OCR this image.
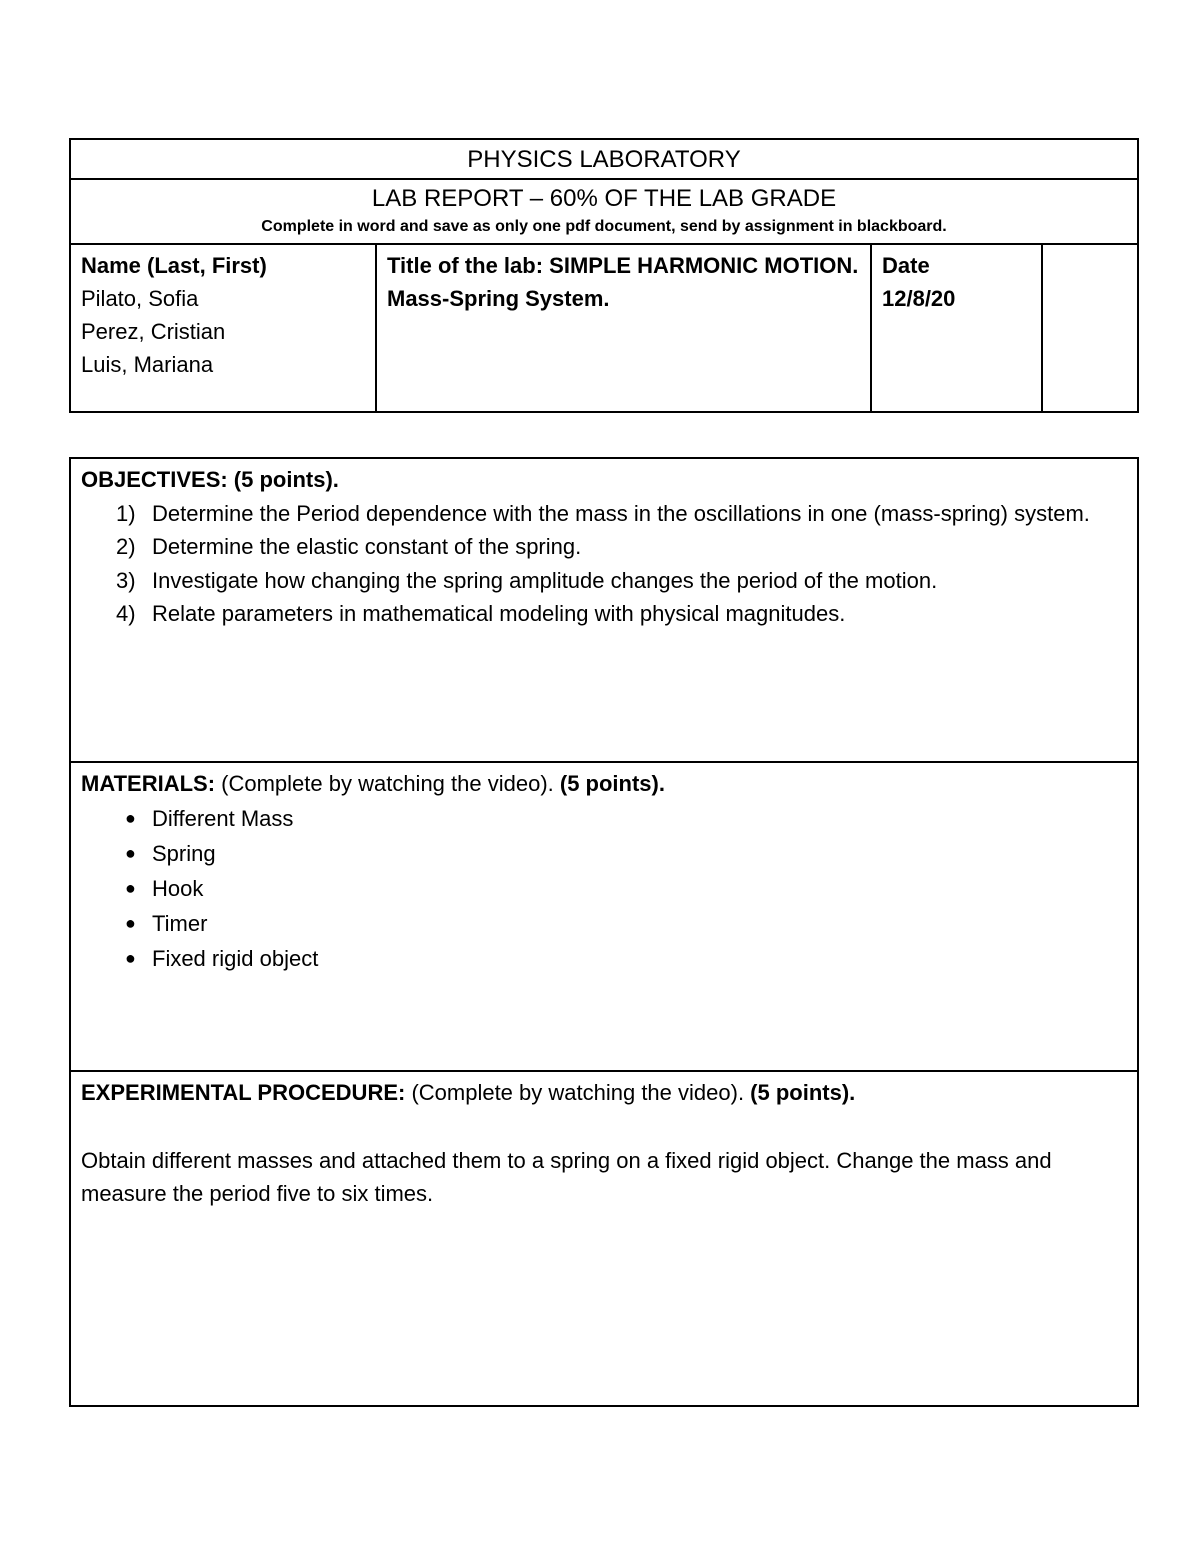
PHYSICS LABORATORY
LAB REPORT – 60% OF THE LAB GRADE
Complete in word and save as only one pdf document, send by assignment in blackboard.
Name (Last, First)
Pilato, Sofia
Perez, Cristian
Luis, Mariana
Title of the lab: SIMPLE HARMONIC MOTION. Mass-Spring System.
Date
12/8/20
OBJECTIVES: (5 points).
1) Determine the Period dependence with the mass in the oscillations in one (mass-spring) system.
2) Determine the elastic constant of the spring.
3) Investigate how changing the spring amplitude changes the period of the motion.
4) Relate parameters in mathematical modeling with physical magnitudes.
MATERIALS: (Complete by watching the video). (5 points).
● Different Mass
● Spring
● Hook
● Timer
● Fixed rigid object
EXPERIMENTAL PROCEDURE: (Complete by watching the video). (5 points).
Obtain different masses and attached them to a spring on a fixed rigid object. Change the mass and measure the period five to six times.
